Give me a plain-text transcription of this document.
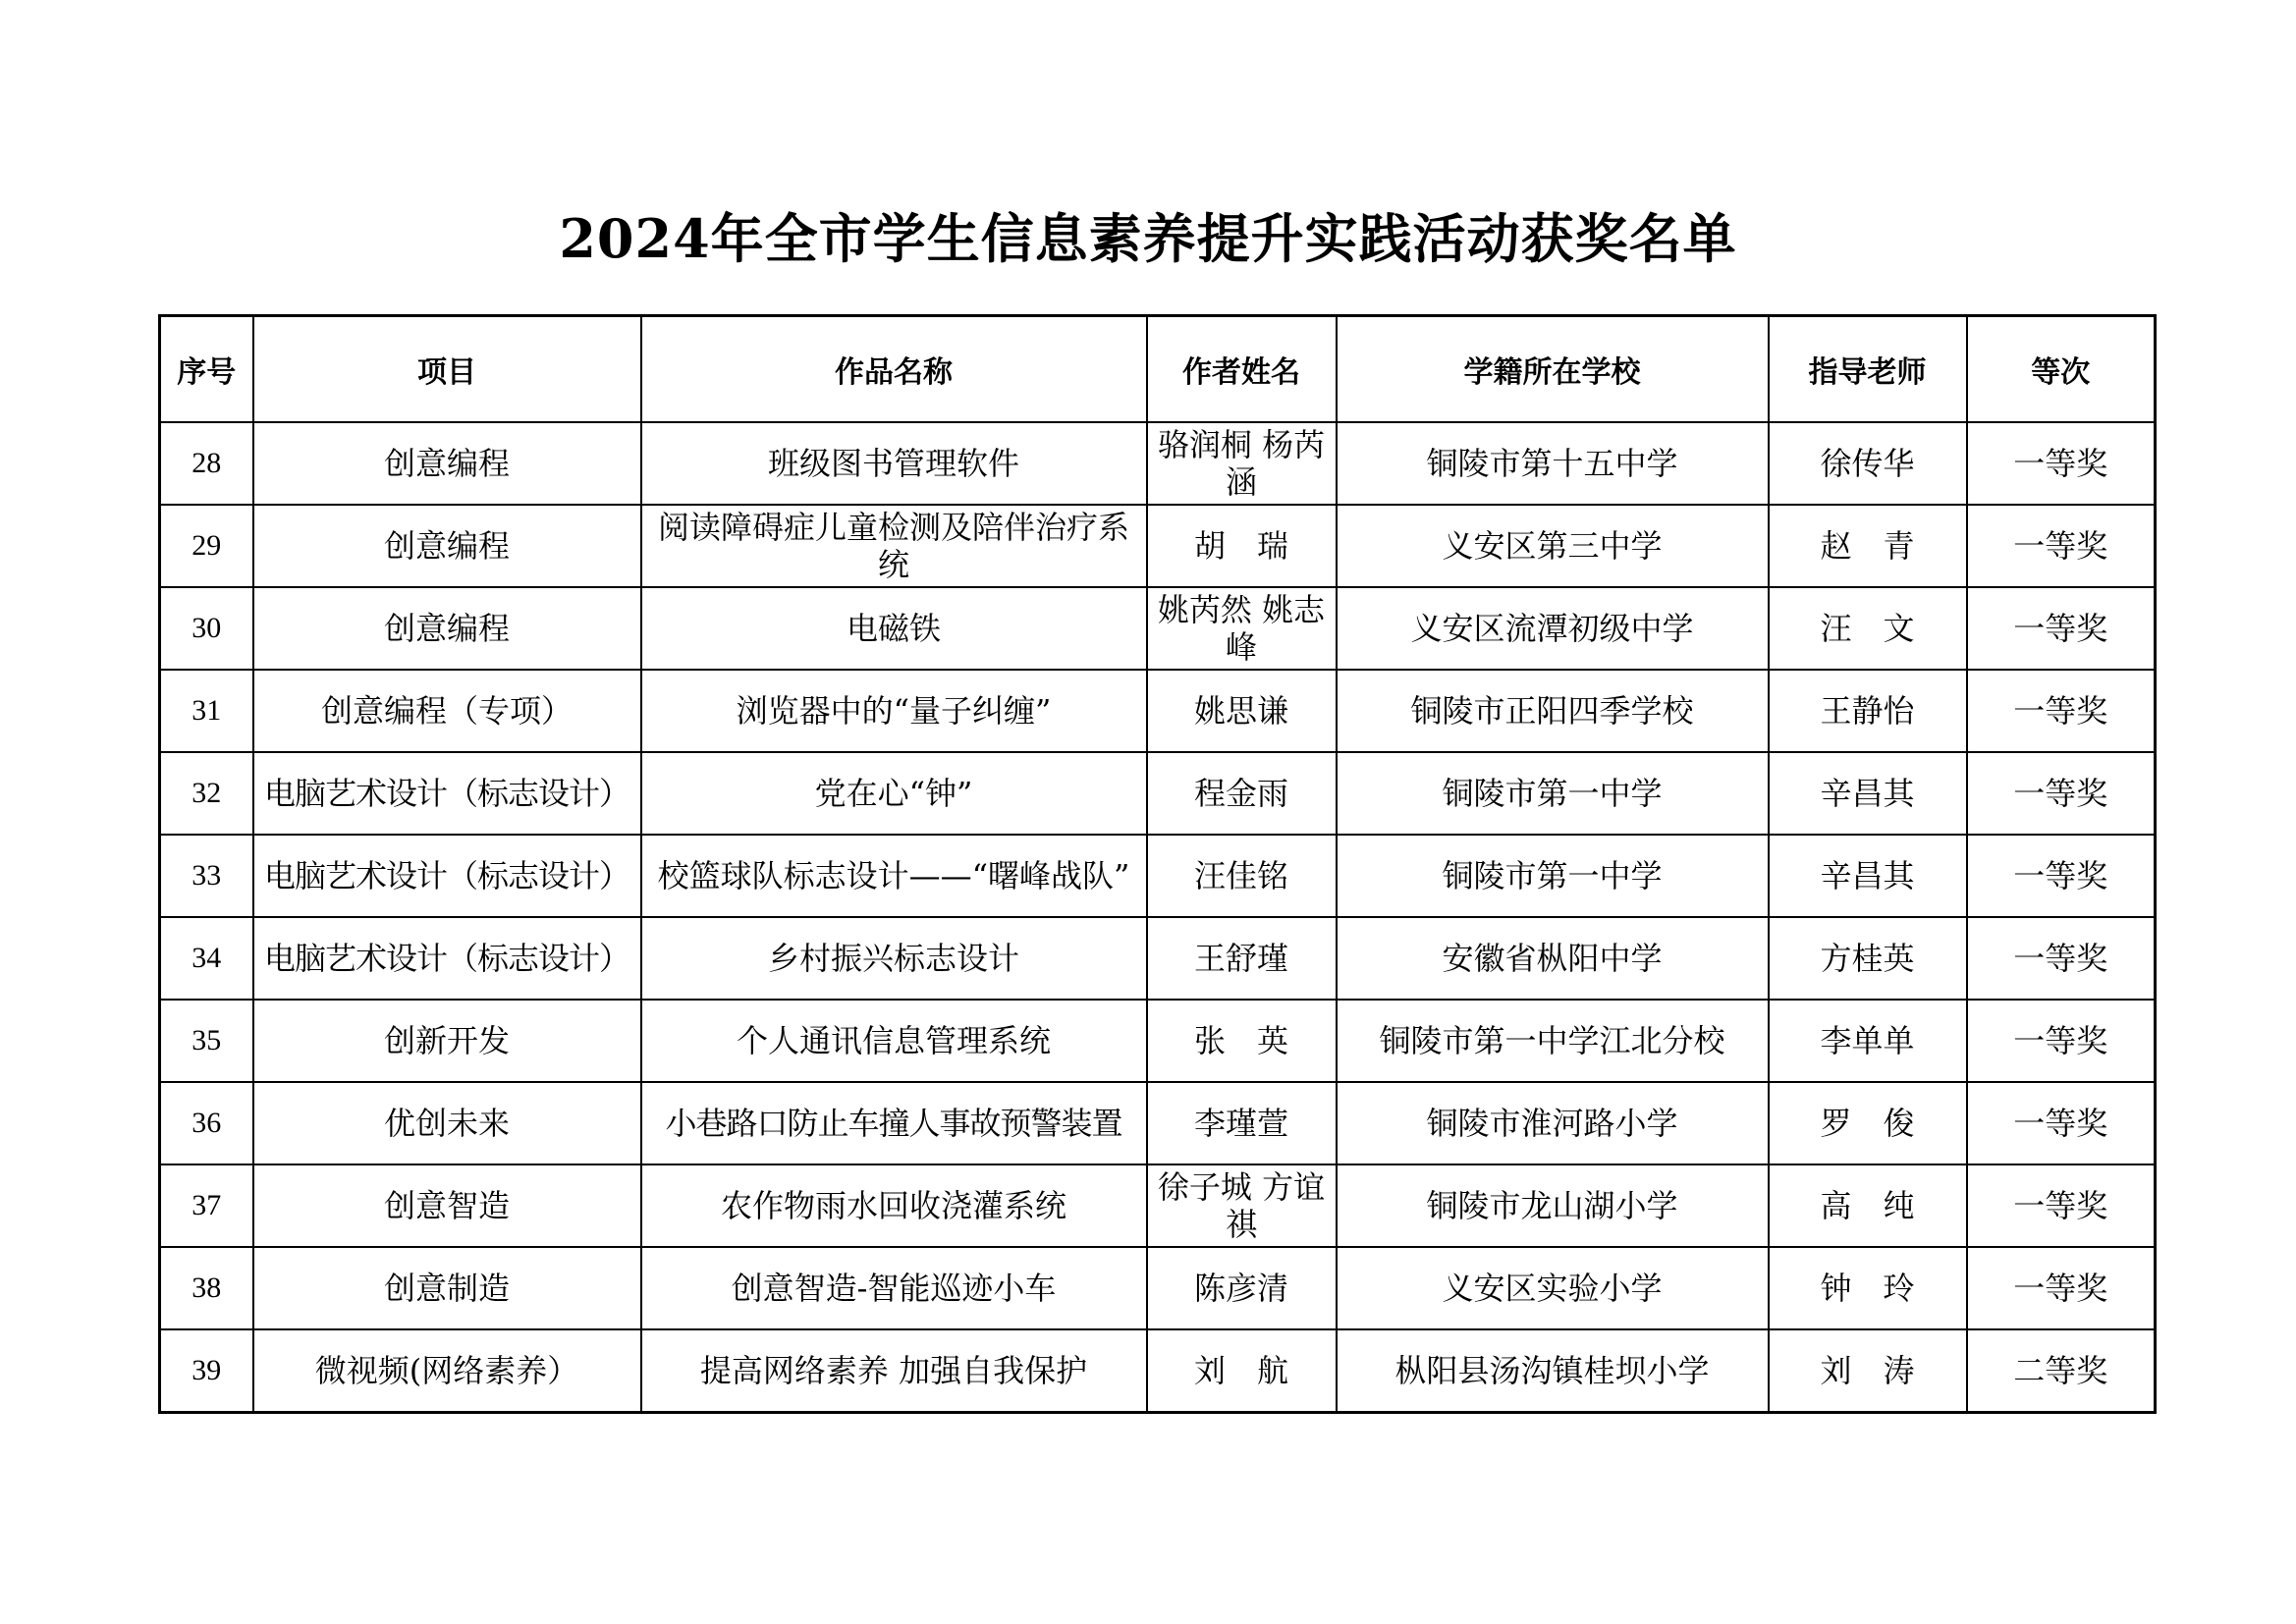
2024年全市学生信息素养提升实践活动获奖名单
序号	项目	作品名称	作者姓名	学籍所在学校	指导老师	等次
28	创意编程	班级图书管理软件	骆润桐 杨芮涵	铜陵市第十五中学	徐传华	一等奖
29	创意编程	阅读障碍症儿童检测及陪伴治疗系统	胡　瑞	义安区第三中学	赵　青	一等奖
30	创意编程	电磁铁	姚芮然 姚志峰	义安区流潭初级中学	汪　文	一等奖
31	创意编程（专项）	浏览器中的“量子纠缠”	姚思谦	铜陵市正阳四季学校	王静怡	一等奖
32	电脑艺术设计（标志设计）	党在心“钟”	程金雨	铜陵市第一中学	辛昌其	一等奖
33	电脑艺术设计（标志设计）	校篮球队标志设计——“曙峰战队”	汪佳铭	铜陵市第一中学	辛昌其	一等奖
34	电脑艺术设计（标志设计）	乡村振兴标志设计	王舒瑾	安徽省枞阳中学	方桂英	一等奖
35	创新开发	个人通讯信息管理系统	张　英	铜陵市第一中学江北分校	李单单	一等奖
36	优创未来	小巷路口防止车撞人事故预警装置	李瑾萱	铜陵市淮河路小学	罗　俊	一等奖
37	创意智造	农作物雨水回收浇灌系统	徐子城 方谊祺	铜陵市龙山湖小学	高　纯	一等奖
38	创意制造	创意智造-智能巡迹小车	陈彦清	义安区实验小学	钟　玲	一等奖
39	微视频(网络素养）	提高网络素养 加强自我保护	刘　航	枞阳县汤沟镇桂坝小学	刘　涛	二等奖
